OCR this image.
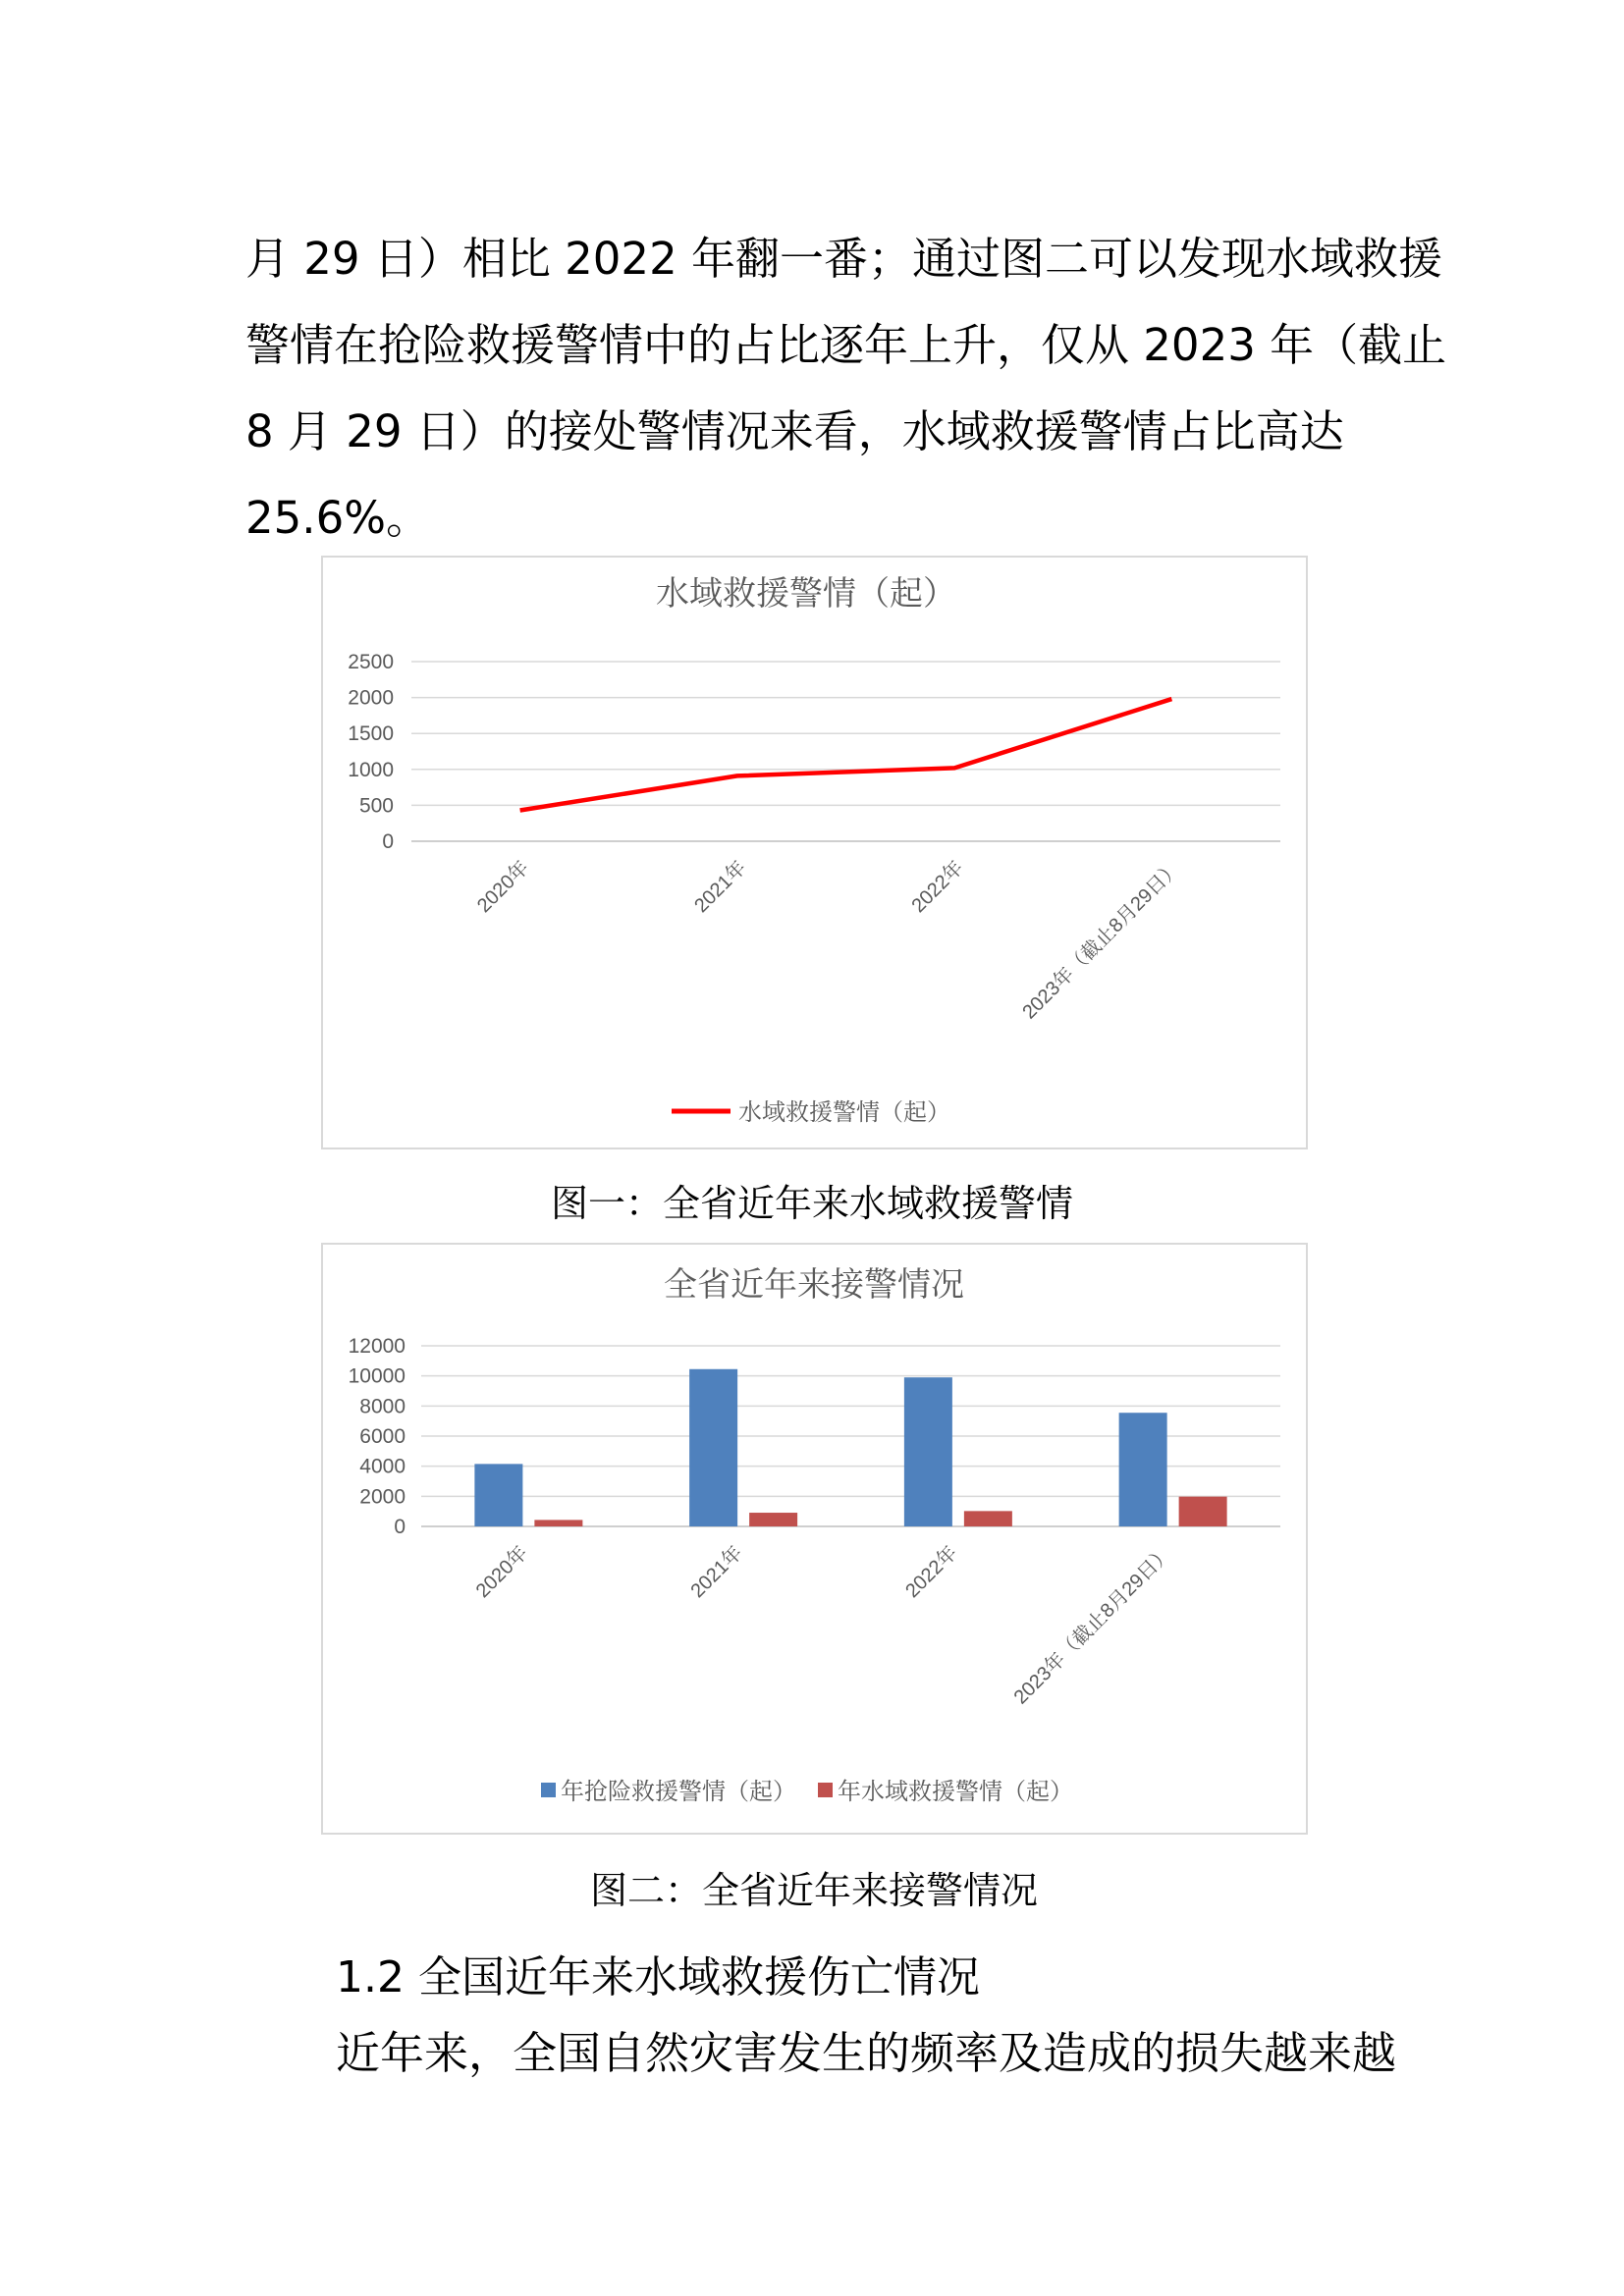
月 29 日）相比 2022 年翻一番；通过图二可以发现水域救援

警情在抢险救援警情中的占比逐年上升，仅从 2023 年（截止

8 月 29 日）的接处警情况来看，水域救援警情占比高达

25.6%。

水域救援警情（起）
2500
2000
1500
1000
500
0
2020年	2021年	2022年	2023年（截止8月29日）
水域救援警情（起）
图一：全省近年来水域救援警情
全省近年来接警情况
12000
10000
8000
6000
4000
2000
0
2020年	2021年	2022年 2023年（截止8月29日）
年抢险救援警情（起） 年水域救援警情（起）
图二：全省近年来接警情况
1.2 全国近年来水域救援伤亡情况
近年来，全国自然灾害发生的频率及造成的损失越来越
